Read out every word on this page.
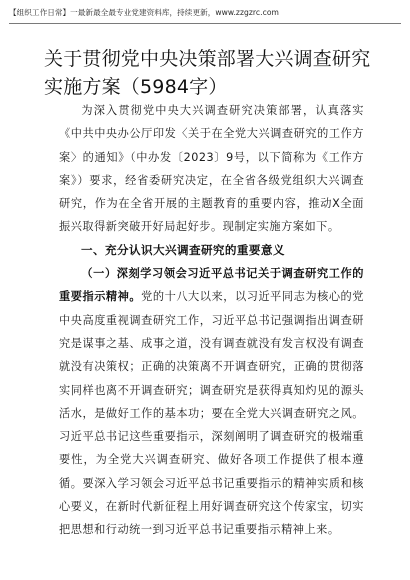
【组织工作日常】一最新最全最专业党建资料库，持续更新，www.zzgzrc.com
关于贯彻党中央决策部署大兴调查研究实施方案（5984字）

为深入贯彻党中央大兴调查研究决策部署，认真落实《中共中央办公厅印发〈关于在全党大兴调查研究的工作方案〉的通知》（中办发〔2023〕9号，以下简称为《工作方案》）要求，经省委研究决定，在全省各级党组织大兴调查研究，作为在全省开展的主题教育的重要内容，推动X全面振兴取得新突破开好局起好步。现制定实施方案如下。

一、充分认识大兴调查研究的重要意义

（一）深刻学习领会习近平总书记关于调查研究工作的重要指示精神。党的十八大以来，以习近平同志为核心的党中央高度重视调查研究工作，习近平总书记强调指出调查研究是谋事之基、成事之道，没有调查就没有发言权没有调查就没有决策权；正确的决策离不开调查研究，正确的贯彻落实同样也离不开调查研究；调查研究是获得真知灼见的源头活水，是做好工作的基本功；要在全党大兴调查研究之风。习近平总书记这些重要指示，深刻阐明了调查研究的极端重要性，为全党大兴调查研究、做好各项工作提供了根本遵循。要深入学习领会习近平总书记重要指示的精神实质和核心要义，在新时代新征程上用好调查研究这个传家宝，切实把思想和行动统一到习近平总书记重要指示精神上来。
